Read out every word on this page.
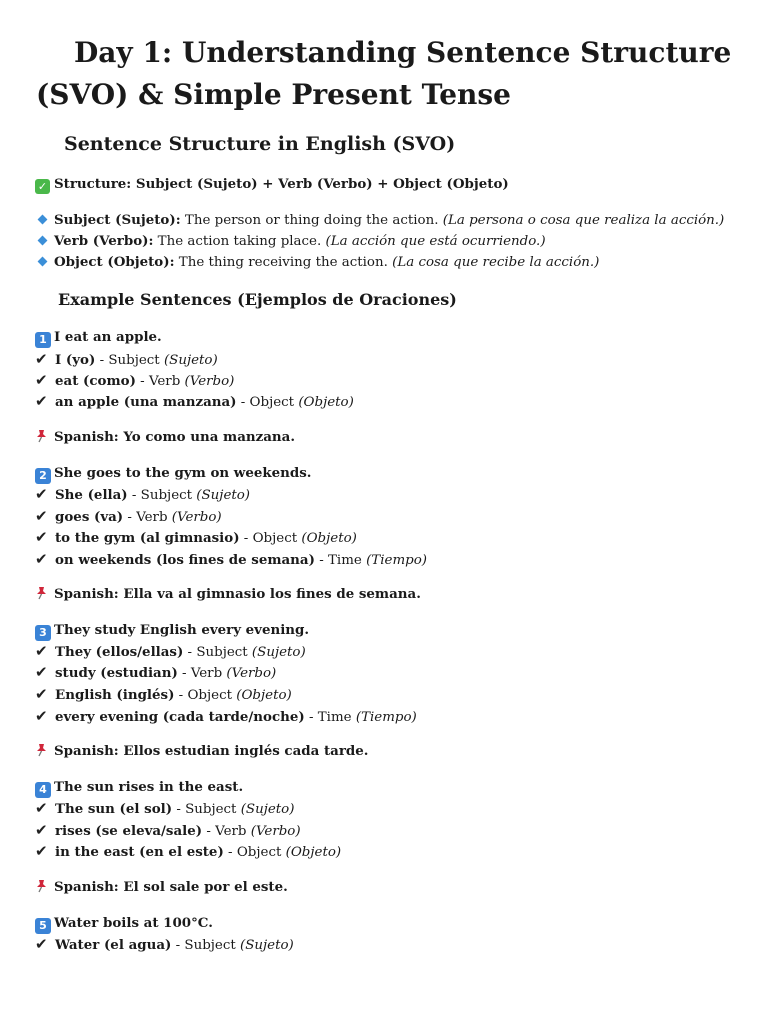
Day 1: Understanding Sentence Structure (SVO) & Simple Present Tense
Sentence Structure in English (SVO)
✓ Structure: Subject (Sujeto) + Verb (Verbo) + Object (Objeto)
Subject (Sujeto): The person or thing doing the action. (La persona o cosa que realiza la acción.)
Verb (Verbo): The action taking place. (La acción que está ocurriendo.)
Object (Objeto): The thing receiving the action. (La cosa que recibe la acción.)
Example Sentences (Ejemplos de Oraciones)
1 I eat an apple.
✔ I (yo) - Subject (Sujeto)
✔ eat (como) - Verb (Verbo)
✔ an apple (una manzana) - Object (Objeto)
Spanish: Yo como una manzana.
2 She goes to the gym on weekends.
✔ She (ella) - Subject (Sujeto)
✔ goes (va) - Verb (Verbo)
✔ to the gym (al gimnasio) - Object (Objeto)
✔ on weekends (los fines de semana) - Time (Tiempo)
Spanish: Ella va al gimnasio los fines de semana.
3 They study English every evening.
✔ They (ellos/ellas) - Subject (Sujeto)
✔ study (estudian) - Verb (Verbo)
✔ English (inglés) - Object (Objeto)
✔ every evening (cada tarde/noche) - Time (Tiempo)
Spanish: Ellos estudian inglés cada tarde.
4 The sun rises in the east.
✔ The sun (el sol) - Subject (Sujeto)
✔ rises (se eleva/sale) - Verb (Verbo)
✔ in the east (en el este) - Object (Objeto)
Spanish: El sol sale por el este.
5 Water boils at 100°C.
✔ Water (el agua) - Subject (Sujeto)
